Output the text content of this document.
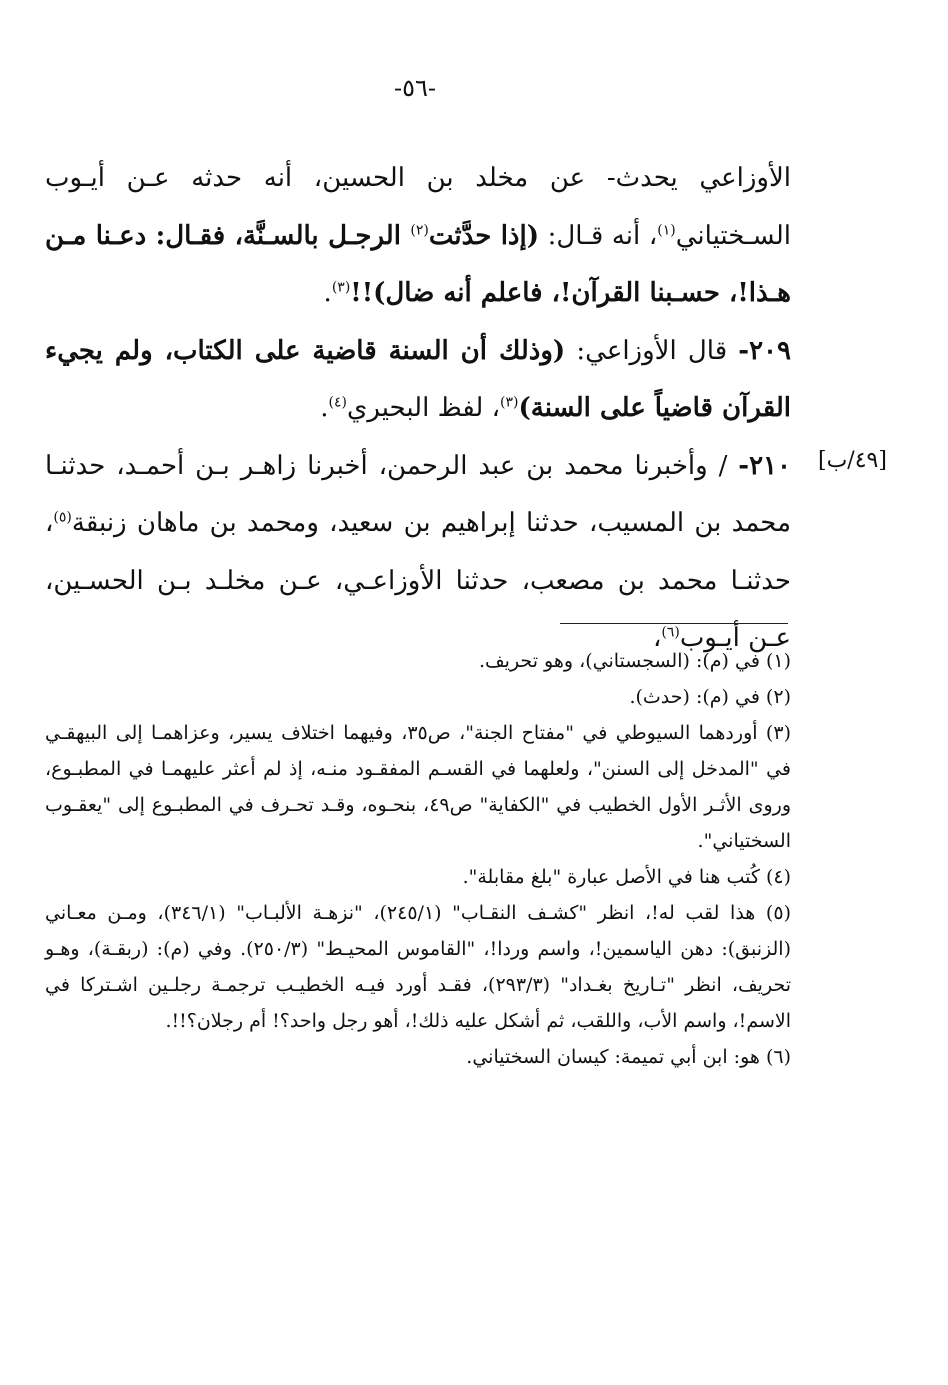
-٥٦-
[٤٩/ب]

الأوزاعي يحدث- عن مخلد بن الحسين، أنه حدثه عـن أيـوب السـختياني$^{(١)}$، أنه قـال: (إذا حدَّثت$^{(٢)}$ الرجـل بالسـنَّة، فقـال: دعـنا مـن هـذا!، حسـبنا القرآن!، فاعلم أنه ضال)!!$^{(٣)}$.

٢٠٩- قال الأوزاعي: (وذلك أن السنة قاضية على الكتاب، ولم يجيء القرآن قاضياً على السنة)$^{(٣)}$، لفظ البحيري$^{(٤)}$.

٢١٠- / وأخبرنا محمد بن عبد الرحمن، أخبرنا زاهـر بـن أحمـد، حدثنـا محمد بن المسيب، حدثنا إبراهيم بن سعيد، ومحمد بن ماهان زنبقة$^{(٥)}$، حدثنـا محمد بن مصعب، حدثنا الأوزاعـي، عـن مخلـد بـن الحسـين، عـن أيـوب$^{(٦)}$،

(١) في (م): (السجستاني)، وهو تحريف.

(٢) في (م): (حدث).

(٣) أوردهما السيوطي في "مفتاح الجنة"، ص٣٥، وفيهما اختلاف يسير، وعزاهمـا إلى البيهقـي في "المدخل إلى السنن"، ولعلهما في القسـم المفقـود منـه، إذ لم أعثر عليهمـا في المطبـوع، وروى الأثـر الأول الخطيب في "الكفاية" ص٤٩، بنحـوه، وقـد تحـرف في المطبـوع إلى "يعقـوب السختياني".

(٤) كُتب هنا في الأصل عبارة "بلغ مقابلة".

(٥) هذا لقب له!، انظر "كشـف النقـاب" (٢٤٥/١)، "نزهـة الألبـاب" (٣٤٦/١)، ومـن معـاني (الزنبق): دهن الياسمين!، واسم وردا!، "القاموس المحيـط" (٢٥٠/٣). وفي (م): (ربقـة)، وهـو تحريف، انظر "تـاريخ بغـداد" (٢٩٣/٣)، فقـد أورد فيـه الخطيـب ترجمـة رجلـين اشـتركا في الاسم!، واسم الأب، واللقب، ثم أشكل عليه ذلك!، أهو رجل واحد؟! أم رجلان؟!!.

(٦) هو: ابن أبي تميمة: كيسان السختياني.
